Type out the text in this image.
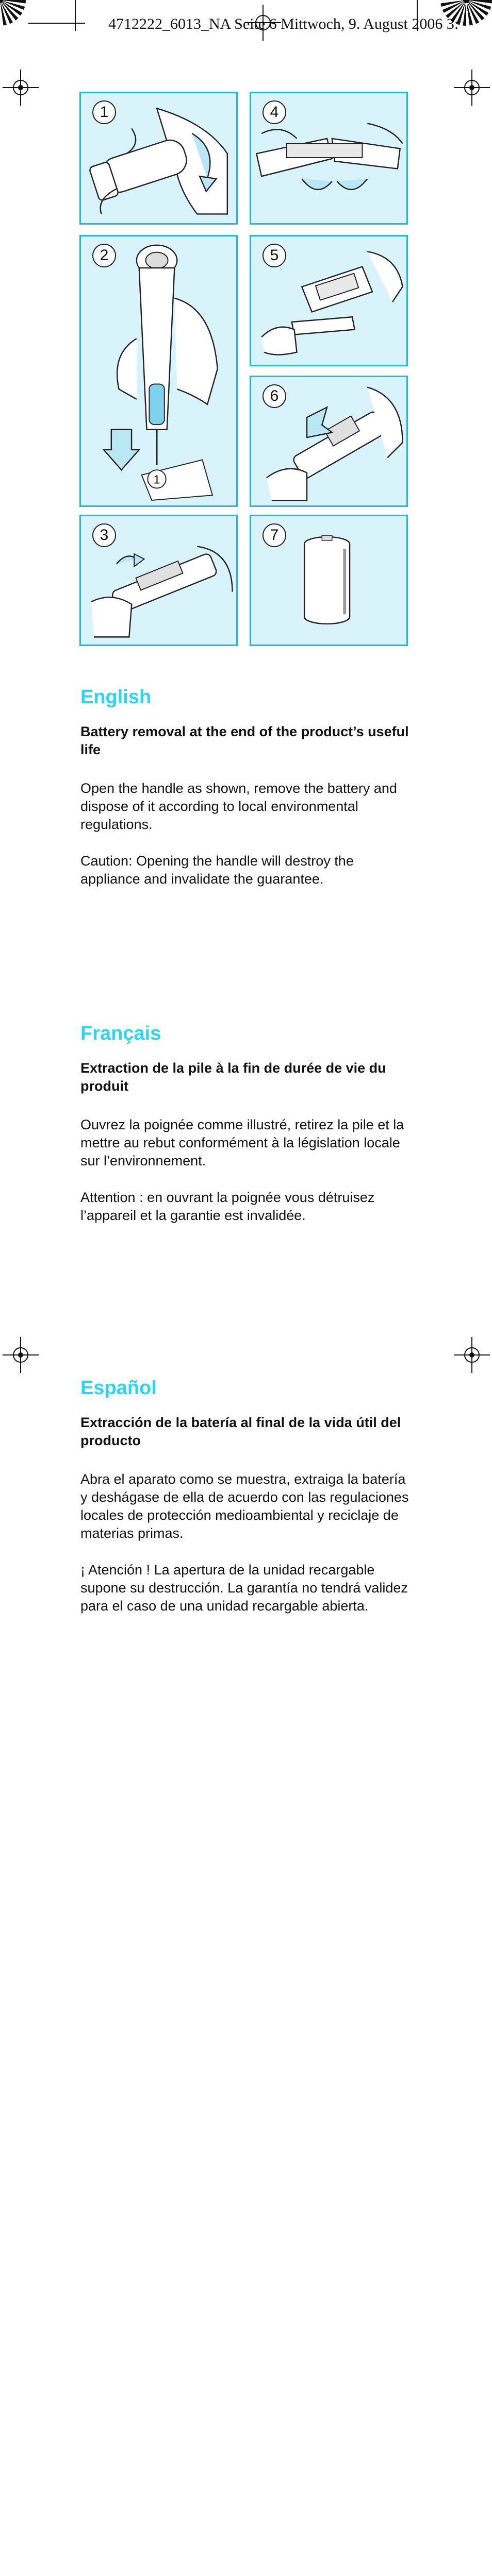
4712222_6013_NA Seite 6 Mittwoch, 9. August 2006 3:
1	4
1
2	5
6
3	7
English
Battery removal at the end of the product’s useful life

Open the handle as shown, remove the battery and dispose of it according to local environmental regulations.

Caution: Opening the handle will destroy the appliance and invalidate the guarantee.

Français
Extraction de la pile à la fin de durée de vie du produit

Ouvrez la poignée comme illustré, retirez la pile et la mettre au rebut conformément à la législation locale sur l’environnement.

Attention : en ouvrant la poignée vous détruisez l’appareil et la garantie est invalidée.

Español
Extracción de la batería al final de la vida útil del producto

Abra el aparato como se muestra, extraiga la batería y deshágase de ella de acuerdo con las regulaciones locales de protección medioambiental y reciclaje de materias primas.

¡ Atención ! La apertura de la unidad recargable supone su destrucción. La garantía no tendrá validez para el caso de una unidad recargable abierta.
